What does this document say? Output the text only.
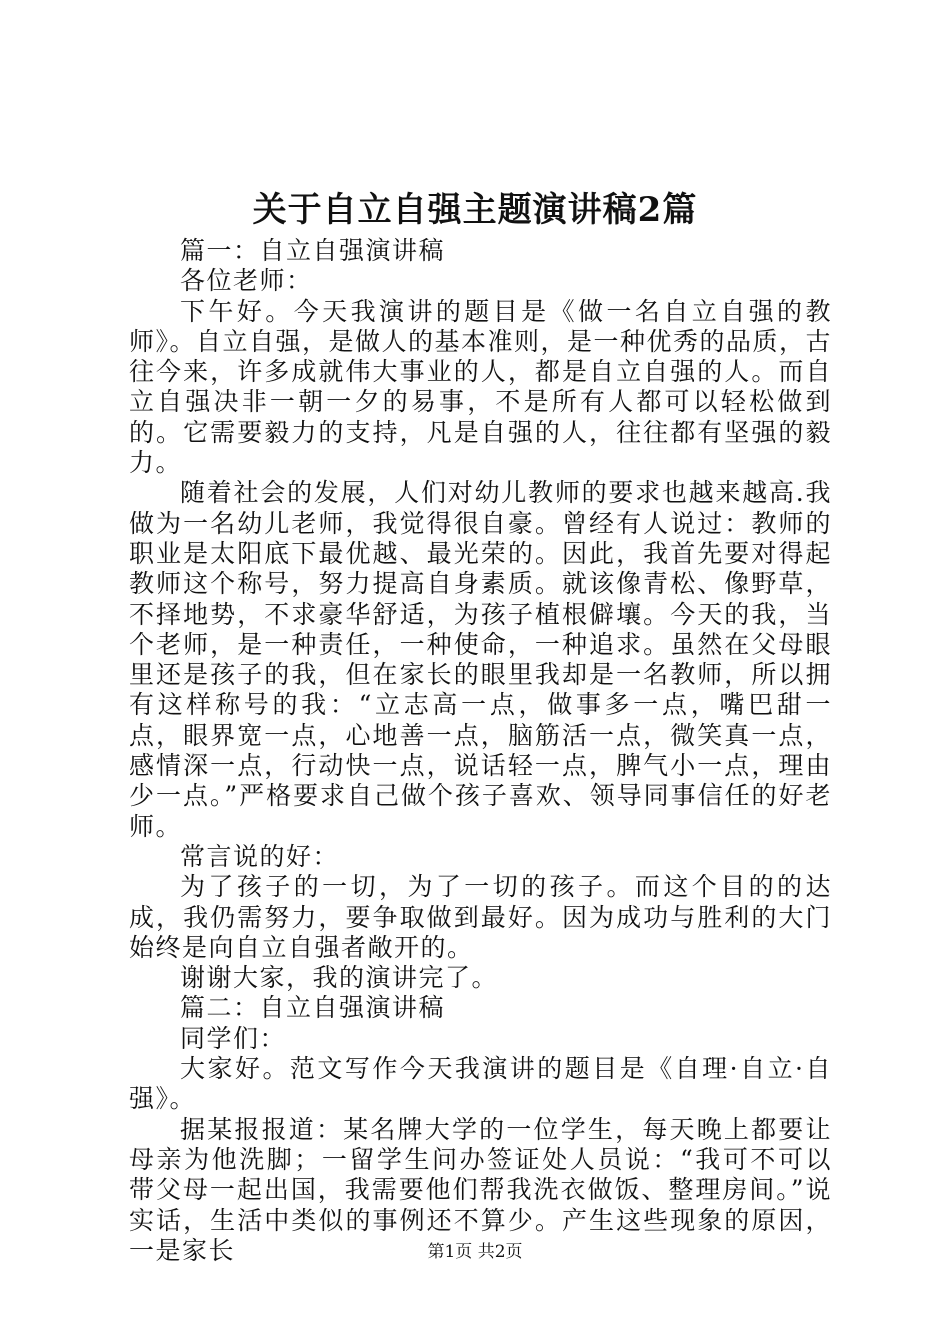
关于自立自强主题演讲稿2篇

篇一：自立自强演讲稿

各位老师：

下午好。今天我演讲的题目是《做一名自立自强的教师》。自立自强，是做人的基本准则，是一种优秀的品质，古往今来，许多成就伟大事业的人，都是自立自强的人。而自立自强决非一朝一夕的易事，不是所有人都可以轻松做到的。它需要毅力的支持，凡是自强的人，往往都有坚强的毅力。

随着社会的发展，人们对幼儿教师的要求也越来越高.我做为一名幼儿老师，我觉得很自豪。曾经有人说过：教师的职业是太阳底下最优越、最光荣的。因此，我首先要对得起教师这个称号，努力提高自身素质。就该像青松、像野草，不择地势，不求豪华舒适，为孩子植根僻壤。今天的我，当个老师，是一种责任，一种使命，一种追求。虽然在父母眼里还是孩子的我，但在家长的眼里我却是一名教师，所以拥有这样称号的我：“立志高一点，做事多一点，嘴巴甜一点，眼界宽一点，心地善一点，脑筋活一点，微笑真一点，感情深一点，行动快一点，说话轻一点，脾气小一点，理由少一点。”严格要求自己做个孩子喜欢、领导同事信任的好老师。

常言说的好：

为了孩子的一切，为了一切的孩子。而这个目的的达成，我仍需努力，要争取做到最好。因为成功与胜利的大门始终是向自立自强者敞开的。

谢谢大家，我的演讲完了。

篇二：自立自强演讲稿

同学们：

大家好。范文写作今天我演讲的题目是《自理·自立·自强》。

据某报报道：某名牌大学的一位学生，每天晚上都要让母亲为他洗脚；一留学生问办签证处人员说：“我可不可以带父母一起出国，我需要他们帮我洗衣做饭、整理房间。”说实话，生活中类似的事例还不算少。产生这些现象的原因，一是家长	第1页 共2页
